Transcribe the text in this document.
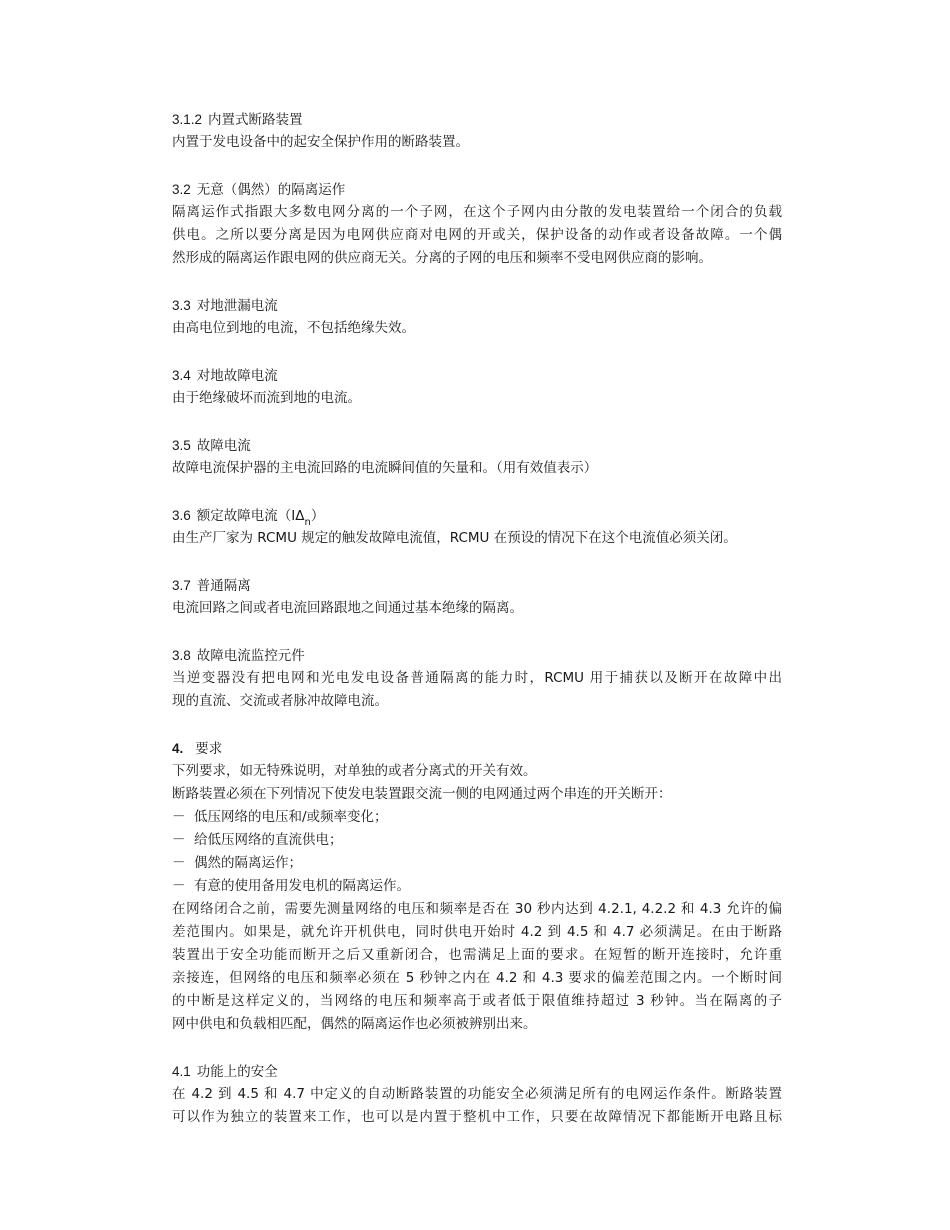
3.1.2 内置式断路装置
内置于发电设备中的起安全保护作用的断路装置。
3.2 无意（偶然）的隔离运作
隔离运作式指跟大多数电网分离的一个子网，在这个子网内由分散的发电装置给一个闭合的负载
供电。之所以要分离是因为电网供应商对电网的开或关，保护设备的动作或者设备故障。一个偶
然形成的隔离运作跟电网的供应商无关。分离的子网的电压和频率不受电网供应商的影响。
3.3 对地泄漏电流
由高电位到地的电流，不包括绝缘失效。
3.4 对地故障电流
由于绝缘破坏而流到地的电流。
3.5 故障电流
故障电流保护器的主电流回路的电流瞬间值的矢量和。（用有效值表示）
3.6 额定故障电流$(Ⅰ\Delta_n)$
由生产厂家为 RCMU 规定的触发故障电流值，RCMU 在预设的情况下在这个电流值必须关闭。
3.7 普通隔离
电流回路之间或者电流回路跟地之间通过基本绝缘的隔离。
3.8 故障电流监控元件
当逆变器没有把电网和光电发电设备普通隔离的能力时，RCMU 用于捕获以及断开在故障中出
现的直流、交流或者脉冲故障电流。
4. 要求
下列要求，如无特殊说明，对单独的或者分离式的开关有效。
断路装置必须在下列情况下使发电装置跟交流一侧的电网通过两个串连的开关断开：
－ 低压网络的电压和/或频率变化；
－ 给低压网络的直流供电；
－ 偶然的隔离运作；
－ 有意的使用备用发电机的隔离运作。
在网络闭合之前，需要先测量网络的电压和频率是否在 30 秒内达到 4.2.1, 4.2.2 和 4.3 允许的偏
差范围内。如果是，就允许开机供电，同时供电开始时 4.2 到 4.5 和 4.7 必须满足。在由于断路
装置出于安全功能而断开之后又重新闭合，也需满足上面的要求。在短暂的断开连接时，允许重
亲接连，但网络的电压和频率必须在 5 秒钟之内在 4.2 和 4.3 要求的偏差范围之内。一个断时间
的中断是这样定义的，当网络的电压和频率高于或者低于限值维持超过 3 秒钟。当在隔离的子
网中供电和负载相匹配，偶然的隔离运作也必须被辨别出来。
4.1 功能上的安全
在 4.2 到 4.5 和 4.7 中定义的自动断路装置的功能安全必须满足所有的电网运作条件。断路装置
可以作为独立的装置来工作，也可以是内置于整机中工作，只要在故障情况下都能断开电路且标
